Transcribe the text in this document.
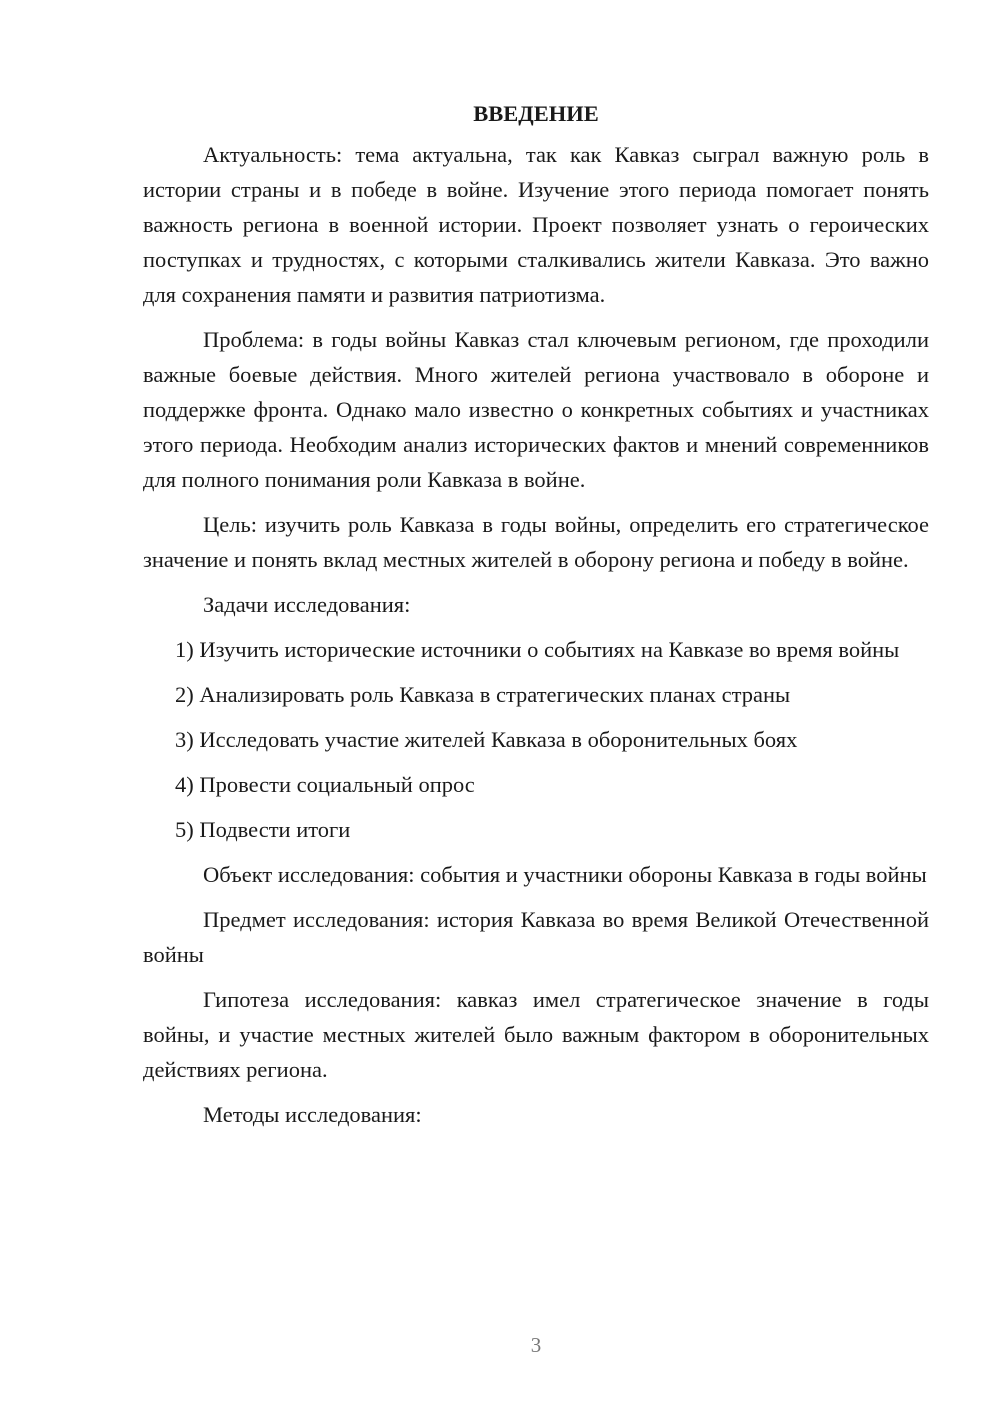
ВВЕДЕНИЕ

Актуальность: тема актуальна, так как Кавказ сыграл важную роль в истории страны и в победе в войне. Изучение этого периода помогает понять важность региона в военной истории. Проект позволяет узнать о героических поступках и трудностях, с которыми сталкивались жители Кавказа. Это важно для сохранения памяти и развития патриотизма.

Проблема: в годы войны Кавказ стал ключевым регионом, где проходили важные боевые действия. Много жителей региона участвовало в обороне и поддержке фронта. Однако мало известно о конкретных событиях и участниках этого периода. Необходим анализ исторических фактов и мнений современников для полного понимания роли Кавказа в войне.

Цель: изучить роль Кавказа в годы войны, определить его стратегическое значение и понять вклад местных жителей в оборону региона и победу в войне.

Задачи исследования:

1) Изучить исторические источники о событиях на Кавказе во время войны

2) Анализировать роль Кавказа в стратегических планах страны

3) Исследовать участие жителей Кавказа в оборонительных боях

4) Провести социальный опрос

5) Подвести итоги

Объект исследования: события и участники обороны Кавказа в годы войны

Предмет исследования: история Кавказа во время Великой Отечественной войны

Гипотеза исследования: кавказ имел стратегическое значение в годы войны, и участие местных жителей было важным фактором в оборонительных действиях региона.

Методы исследования:

3
